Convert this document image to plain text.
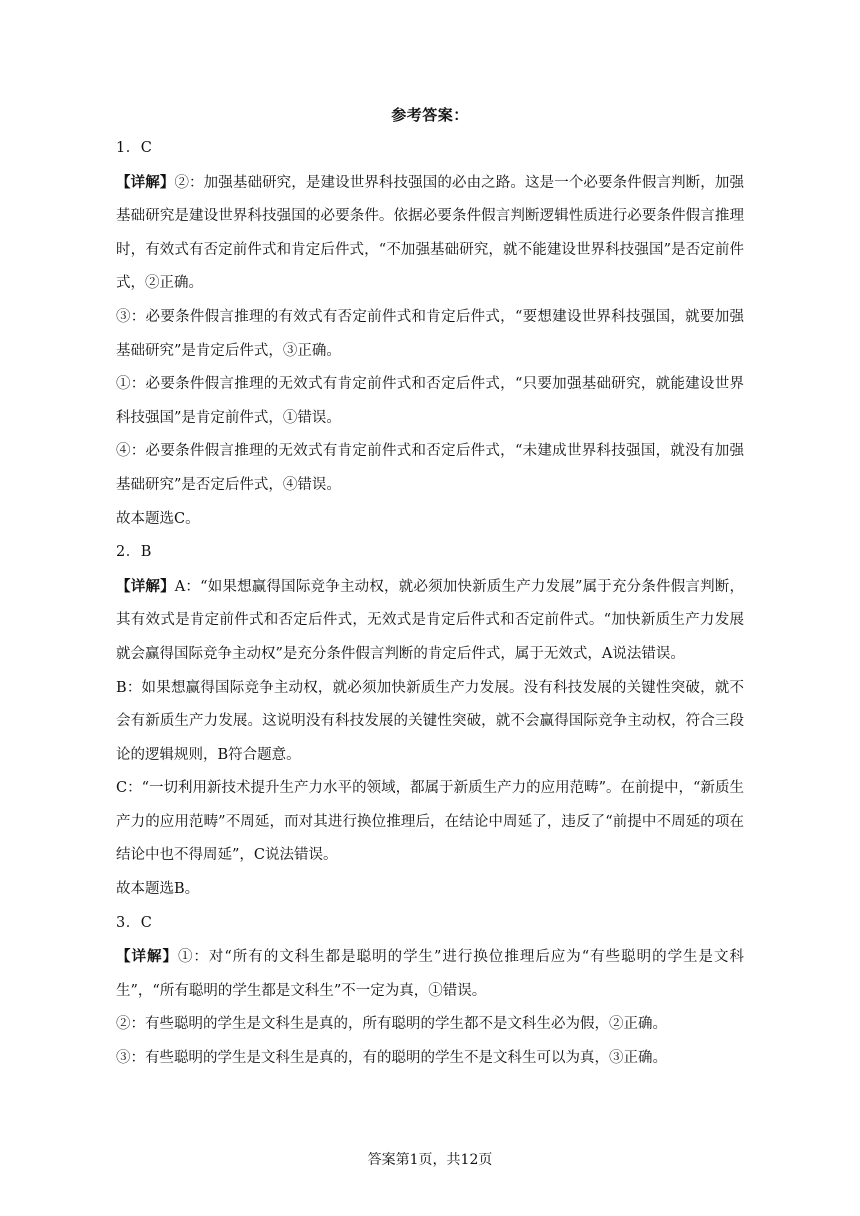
参考答案：

1．C

【详解】②：加强基础研究，是建设世界科技强国的必由之路。这是一个必要条件假言判断，加强基础研究是建设世界科技强国的必要条件。依据必要条件假言判断逻辑性质进行必要条件假言推理时，有效式有否定前件式和肯定后件式，“不加强基础研究，就不能建设世界科技强国”是否定前件式，②正确。

③：必要条件假言推理的有效式有否定前件式和肯定后件式，“要想建设世界科技强国，就要加强基础研究”是肯定后件式，③正确。

①：必要条件假言推理的无效式有肯定前件式和否定后件式，“只要加强基础研究，就能建设世界科技强国”是肯定前件式，①错误。

④：必要条件假言推理的无效式有肯定前件式和否定后件式，“未建成世界科技强国，就没有加强基础研究”是否定后件式，④错误。

故本题选C。

2．B

【详解】A：“如果想赢得国际竞争主动权，就必须加快新质生产力发展”属于充分条件假言判断，其有效式是肯定前件式和否定后件式，无效式是肯定后件式和否定前件式。“加快新质生产力发展就会赢得国际竞争主动权”是充分条件假言判断的肯定后件式，属于无效式，A说法错误。

B：如果想赢得国际竞争主动权，就必须加快新质生产力发展。没有科技发展的关键性突破，就不会有新质生产力发展。这说明没有科技发展的关键性突破，就不会赢得国际竞争主动权，符合三段论的逻辑规则，B符合题意。

C：“一切利用新技术提升生产力水平的领域，都属于新质生产力的应用范畴”。在前提中，“新质生产力的应用范畴”不周延，而对其进行换位推理后，在结论中周延了，违反了“前提中不周延的项在结论中也不得周延”，C说法错误。

故本题选B。

3．C

【详解】①：对“所有的文科生都是聪明的学生”进行换位推理后应为“有些聪明的学生是文科生”，“所有聪明的学生都是文科生”不一定为真，①错误。

②：有些聪明的学生是文科生是真的，所有聪明的学生都不是文科生必为假，②正确。

③：有些聪明的学生是文科生是真的，有的聪明的学生不是文科生可以为真，③正确。

答案第1页，共12页
